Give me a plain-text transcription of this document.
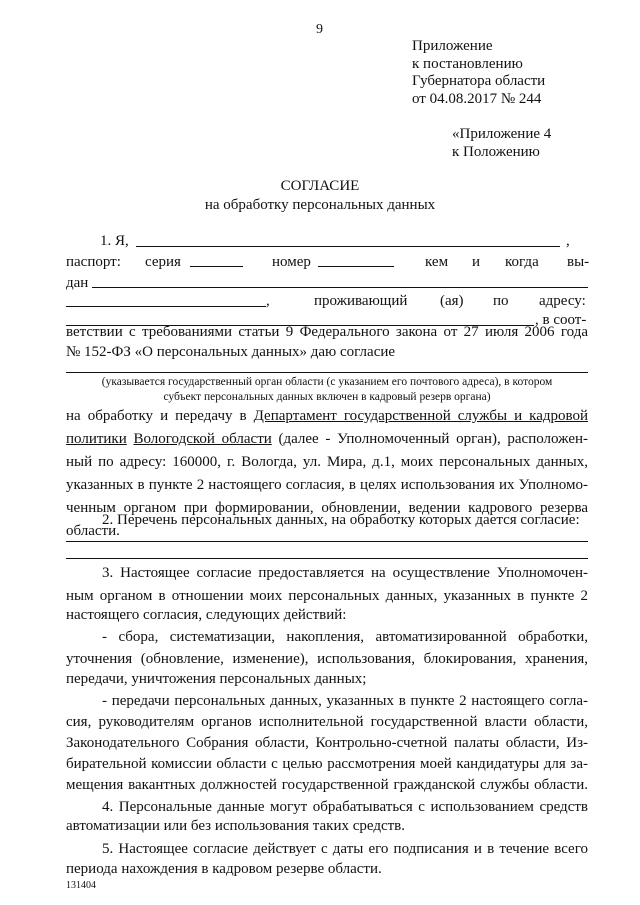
9
Приложение
к постановлению
Губернатора области
от 04.08.2017 № 244
«Приложение 4
к Положению
СОГЛАСИЕ
на обработку персональных данных
1. Я,	,
паспорт: серия	номер	кем и когда вы-
дан
,	проживающий (ая) по адресу:
, в соот-
ветствии с требованиями статьи 9 Федерального закона от 27 июля 2006 года
№ 152-ФЗ «О персональных данных» даю согласие
(указывается государственный орган области (с указанием его почтового адреса), в котором
субъект персональных данных включен в кадровый резерв органа)
на обработку и передачу в Департамент государственной службы и кадровой
политики Вологодской области (далее - Уполномоченный орган), расположен-
ный по адресу: 160000, г. Вологда, ул. Мира, д.1, моих персональных данных,
указанных в пункте 2 настоящего согласия, в целях использования их Уполномо-
ченным органом при формировании, обновлении, ведении кадрового резерва
области.
2. Перечень персональных данных, на обработку которых дается согласие:
3. Настоящее согласие предоставляется на осуществление Уполномочен-
ным органом в отношении моих персональных данных, указанных в пункте 2
настоящего согласия, следующих действий:
- сбора, систематизации, накопления, автоматизированной обработки,
уточнения (обновление, изменение), использования, блокирования, хранения,
передачи, уничтожения персональных данных;
- передачи персональных данных, указанных в пункте 2 настоящего согла-
сия, руководителям органов исполнительной государственной власти области,
Законодательного Собрания области, Контрольно-счетной палаты области, Из-
бирательной комиссии области с целью рассмотрения моей кандидатуры для за-
мещения вакантных должностей государственной гражданской службы области.
4. Персональные данные могут обрабатываться с использованием средств
автоматизации или без использования таких средств.
5. Настоящее согласие действует с даты его подписания и в течение всего
периода нахождения в кадровом резерве области.
131404
